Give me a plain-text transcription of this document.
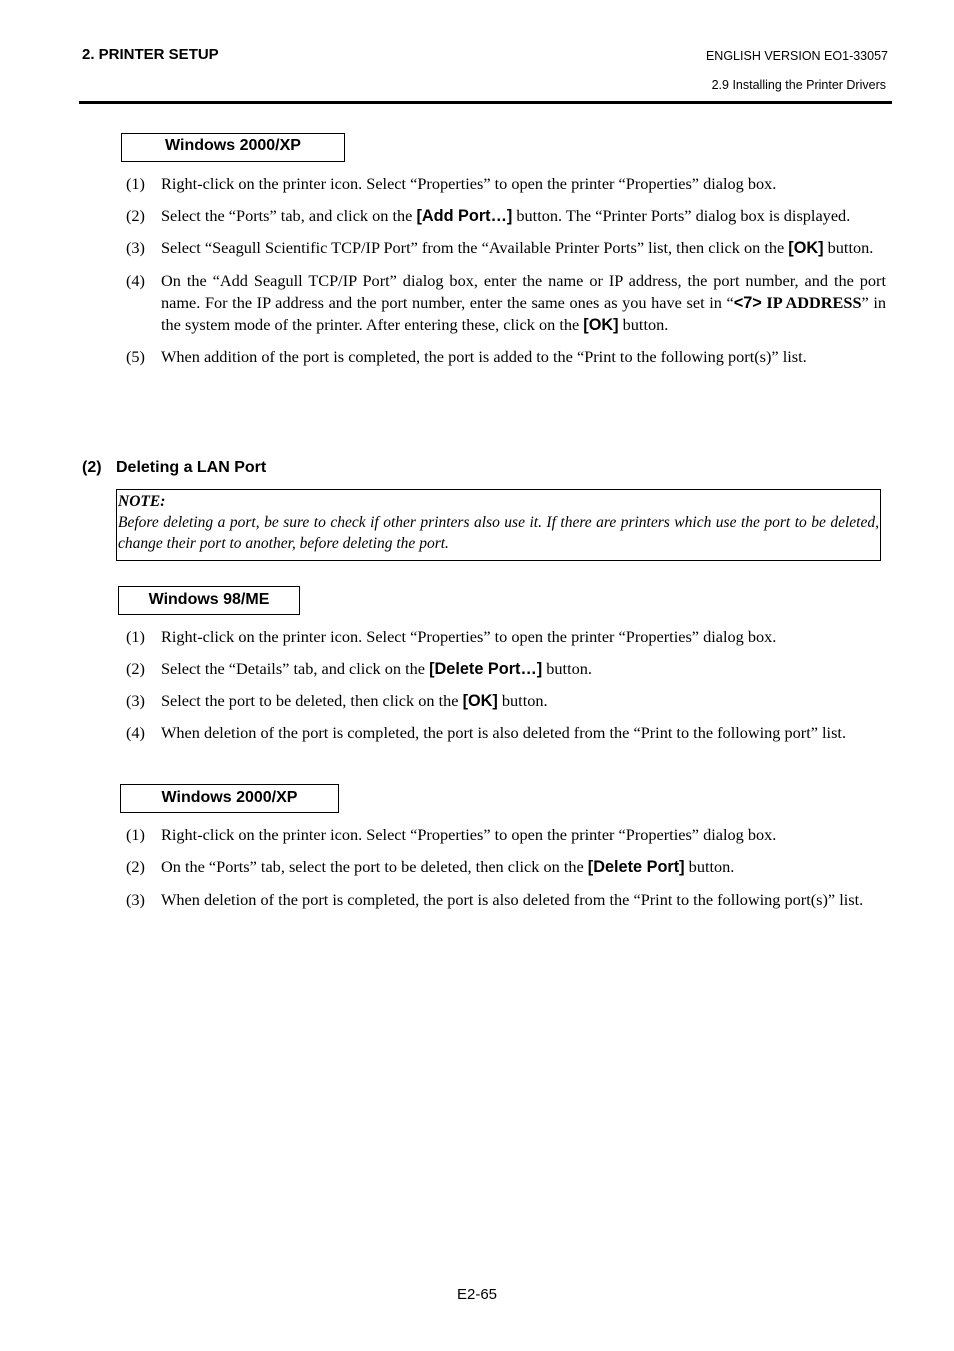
2. PRINTER SETUP	ENGLISH VERSION EO1-33057
2.9 Installing the Printer Drivers
Windows 2000/XP
(1) Right-click on the printer icon. Select “Properties” to open the printer “Properties” dialog box.
(2) Select the “Ports” tab, and click on the [Add Port…] button. The “Printer Ports” dialog box is displayed.
(3) Select “Seagull Scientific TCP/IP Port” from the “Available Printer Ports” list, then click on the [OK] button.
(4) On the “Add Seagull TCP/IP Port” dialog box, enter the name or IP address, the port number, and the port name. For the IP address and the port number, enter the same ones as you have set in “<7> IP ADDRESS” in the system mode of the printer. After entering these, click on the [OK] button.
(5) When addition of the port is completed, the port is added to the “Print to the following port(s)” list.
(2) Deleting a LAN Port
NOTE:
Before deleting a port, be sure to check if other printers also use it. If there are printers which use the port to be deleted, change their port to another, before deleting the port.
Windows 98/ME
(1) Right-click on the printer icon. Select “Properties” to open the printer “Properties” dialog box.
(2) Select the “Details” tab, and click on the [Delete Port…] button.
(3) Select the port to be deleted, then click on the [OK] button.
(4) When deletion of the port is completed, the port is also deleted from the “Print to the following port” list.
Windows 2000/XP
(1) Right-click on the printer icon. Select “Properties” to open the printer “Properties” dialog box.
(2) On the “Ports” tab, select the port to be deleted, then click on the [Delete Port] button.
(3) When deletion of the port is completed, the port is also deleted from the “Print to the following port(s)” list.
E2-65
